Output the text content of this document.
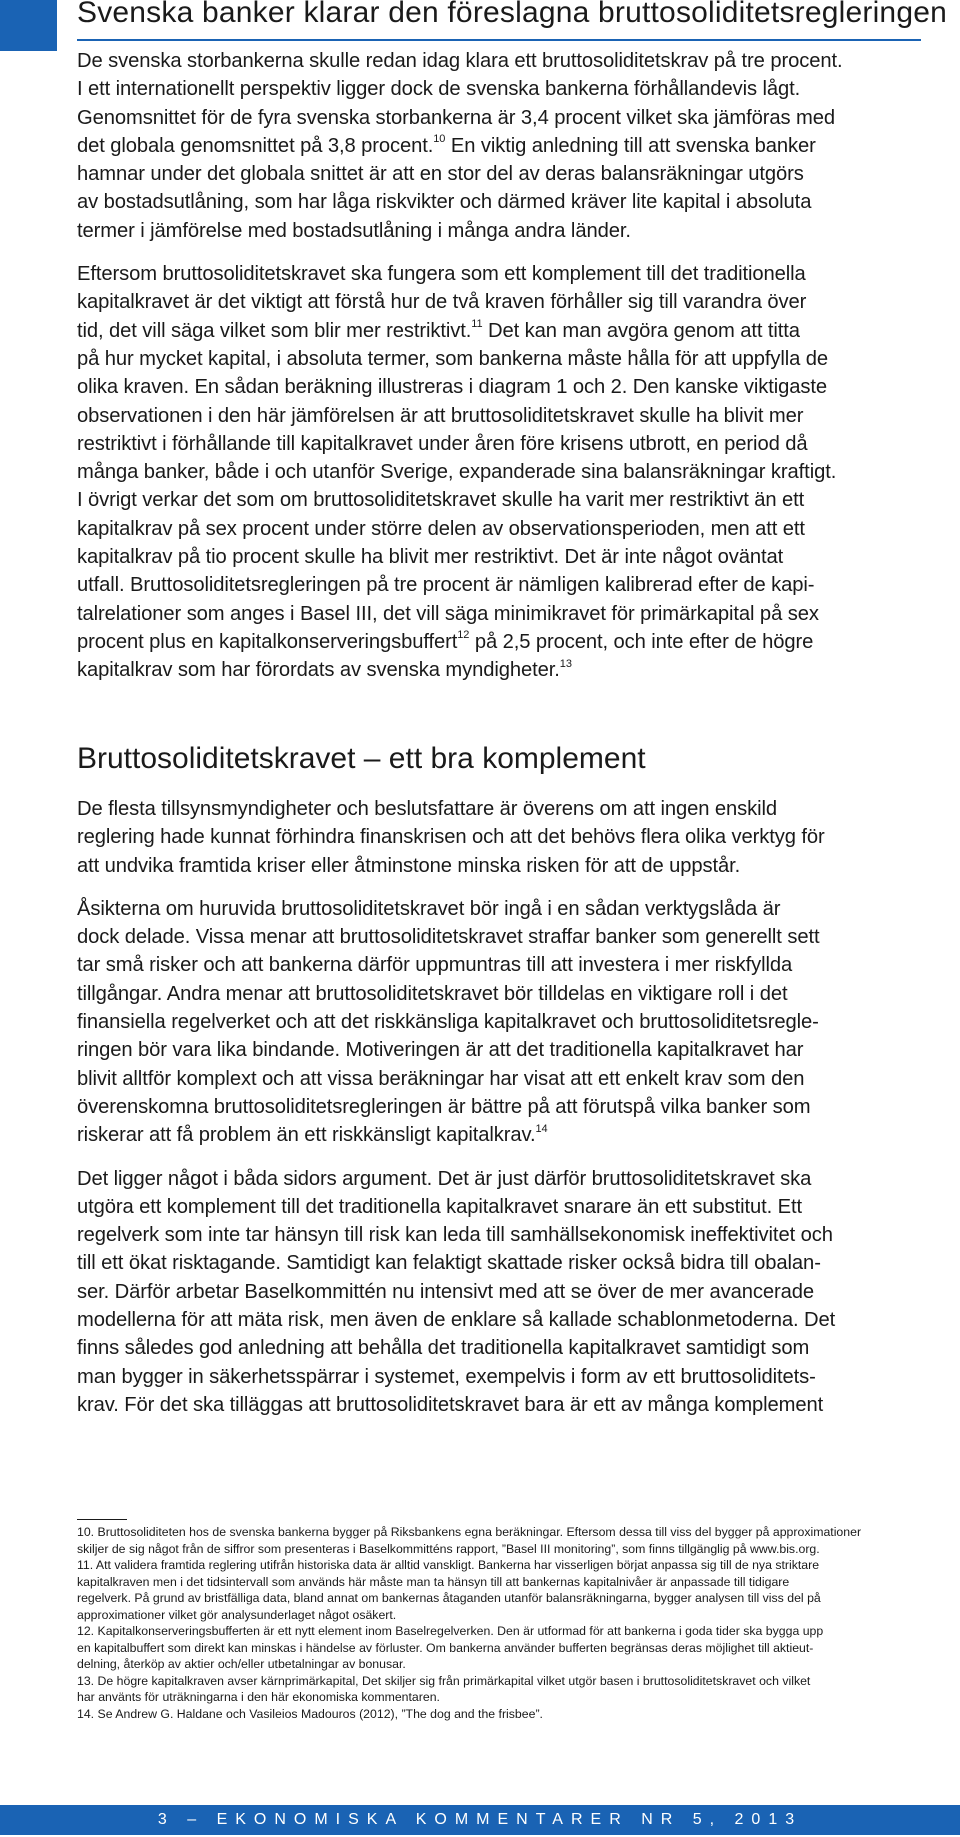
Svenska banker klarar den föreslagna bruttosoliditetsregleringen

De svenska storbankerna skulle redan idag klara ett bruttosoliditetskrav på tre procent.
I ett internationellt perspektiv ligger dock de svenska bankerna förhållandevis lågt.
Genomsnittet för de fyra svenska storbankerna är 3,4 procent vilket ska jämföras med
det globala genomsnittet på 3,8 procent.$^{10}$ En viktig anledning till att svenska banker
hamnar under det globala snittet är att en stor del av deras balansräkningar utgörs
av bostadsutlåning, som har låga riskvikter och därmed kräver lite kapital i absoluta
termer i jämförelse med bostadsutlåning i många andra länder.

Eftersom bruttosoliditetskravet ska fungera som ett komplement till det traditionella
kapitalkravet är det viktigt att förstå hur de två kraven förhåller sig till varandra över
tid, det vill säga vilket som blir mer restriktivt.$^{11}$ Det kan man avgöra genom att titta
på hur mycket kapital, i absoluta termer, som bankerna måste hålla för att uppfylla de
olika kraven. En sådan beräkning illustreras i diagram 1 och 2. Den kanske viktigaste
observationen i den här jämförelsen är att bruttosoliditetskravet skulle ha blivit mer
restriktivt i förhållande till kapitalkravet under åren före krisens utbrott, en period då
många banker, både i och utanför Sverige, expanderade sina balansräkningar kraftigt.
I övrigt verkar det som om bruttosoliditetskravet skulle ha varit mer restriktivt än ett
kapitalkrav på sex procent under större delen av observationsperioden, men att ett
kapitalkrav på tio procent skulle ha blivit mer restriktivt. Det är inte något oväntat
utfall. Bruttosoliditetsregleringen på tre procent är nämligen kalibrerad efter de kapi-
talrelationer som anges i Basel III, det vill säga minimikravet för primärkapital på sex
procent plus en kapitalkonserveringsbuffert$^{12}$ på 2,5 procent, och inte efter de högre
kapitalkrav som har förordats av svenska myndigheter.$^{13}$

Bruttosoliditetskravet – ett bra komplement

De flesta tillsynsmyndigheter och beslutsfattare är överens om att ingen enskild
reglering hade kunnat förhindra finanskrisen och att det behövs flera olika verktyg för
att undvika framtida kriser eller åtminstone minska risken för att de uppstår.

Åsikterna om huruvida bruttosoliditetskravet bör ingå i en sådan verktygslåda är
dock delade. Vissa menar att bruttosoliditetskravet straffar banker som generellt sett
tar små risker och att bankerna därför uppmuntras till att investera i mer riskfyllda
tillgångar. Andra menar att bruttosoliditetskravet bör tilldelas en viktigare roll i det
finansiella regelverket och att det riskkänsliga kapitalkravet och bruttosoliditetsregle-
ringen bör vara lika bindande. Motiveringen är att det traditionella kapitalkravet har
blivit alltför komplext och att vissa beräkningar har visat att ett enkelt krav som den
överenskomna bruttosoliditetsregleringen är bättre på att förutspå vilka banker som
riskerar att få problem än ett riskkänsligt kapitalkrav.$^{14}$

Det ligger något i båda sidors argument. Det är just därför bruttosoliditetskravet ska
utgöra ett komplement till det traditionella kapitalkravet snarare än ett substitut. Ett
regelverk som inte tar hänsyn till risk kan leda till samhällsekonomisk ineffektivitet och
till ett ökat risktagande. Samtidigt kan felaktigt skattade risker också bidra till obalan-
ser. Därför arbetar Baselkommittén nu intensivt med att se över de mer avancerade
modellerna för att mäta risk, men även de enklare så kallade schablonmetoderna. Det
finns således god anledning att behålla det traditionella kapitalkravet samtidigt som
man bygger in säkerhetsspärrar i systemet, exempelvis i form av ett bruttosoliditets-
krav. För det ska tilläggas att bruttosoliditetskravet bara är ett av många komplement

10. Bruttosoliditeten hos de svenska bankerna bygger på Riksbankens egna beräkningar. Eftersom dessa till viss del bygger på approximationer

skiljer de sig något från de siffror som presenteras i Baselkommitténs rapport, ”Basel III monitoring”, som finns tillgänglig på www.bis.org.

11. Att validera framtida reglering utifrån historiska data är alltid vanskligt. Bankerna har visserligen börjat anpassa sig till de nya striktare

kapitalkraven men i det tidsintervall som används här måste man ta hänsyn till att bankernas kapitalnivåer är anpassade till tidigare

regelverk. På grund av bristfälliga data, bland annat om bankernas åtaganden utanför balansräkningarna, bygger analysen till viss del på

approximationer vilket gör analysunderlaget något osäkert.

12. Kapitalkonserveringsbufferten är ett nytt element inom Baselregelverken. Den är utformad för att bankerna i goda tider ska bygga upp

en kapitalbuffert som direkt kan minskas i händelse av förluster. Om bankerna använder bufferten begränsas deras möjlighet till aktieut-

delning, återköp av aktier och/eller utbetalningar av bonusar.

13. De högre kapitalkraven avser kärnprimärkapital, Det skiljer sig från primärkapital vilket utgör basen i bruttosoliditetskravet och vilket

har använts för uträkningarna i den här ekonomiska kommentaren.

14. Se Andrew G. Haldane och Vasileios Madouros (2012), ”The dog and the frisbee”.

3 – EKONOMISKA KOMMENTARER NR 5, 2013
